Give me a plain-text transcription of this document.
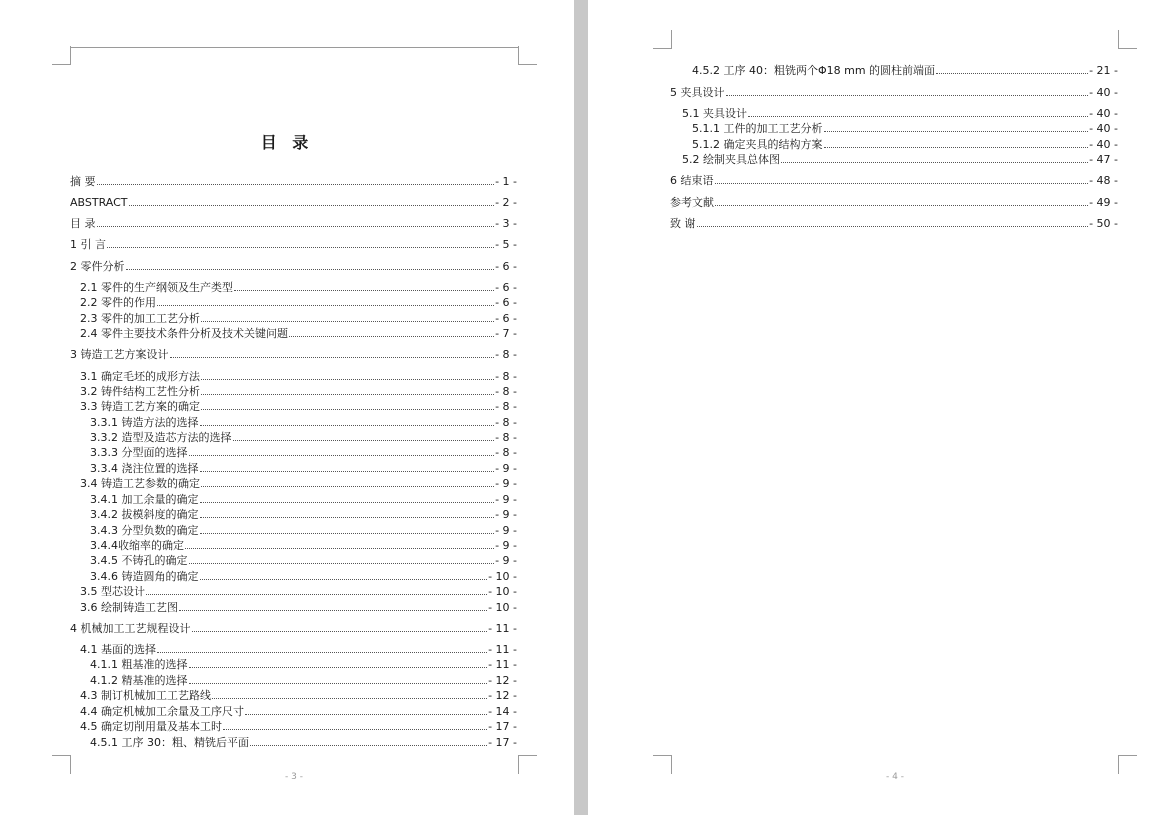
目 录
摘 要	- 1 -
ABSTRACT	- 2 -
目 录	- 3 -
1 引 言	- 5 -
2 零件分析	- 6 -
2.1 零件的生产纲领及生产类型	- 6 -
2.2 零件的作用	- 6 -
2.3 零件的加工工艺分析	- 6 -
2.4 零件主要技术条件分析及技术关键问题	- 7 -
3 铸造工艺方案设计	- 8 -
3.1 确定毛坯的成形方法	- 8 -
3.2 铸件结构工艺性分析	- 8 -
3.3 铸造工艺方案的确定	- 8 -
3.3.1 铸造方法的选择	- 8 -
3.3.2 造型及造芯方法的选择	- 8 -
3.3.3 分型面的选择	- 8 -
3.3.4 浇注位置的选择	- 9 -
3.4 铸造工艺参数的确定	- 9 -
3.4.1 加工余量的确定	- 9 -
3.4.2 拔模斜度的确定	- 9 -
3.4.3 分型负数的确定	- 9 -
3.4.4收缩率的确定	- 9 -
3.4.5 不铸孔的确定	- 9 -
3.4.6 铸造圆角的确定	- 10 -
3.5 型芯设计	- 10 -
3.6 绘制铸造工艺图	- 10 -
4 机械加工工艺规程设计	- 11 -
4.1 基面的选择	- 11 -
4.1.1 粗基准的选择	- 11 -
4.1.2 精基准的选择	- 12 -
4.3 制订机械加工工艺路线	- 12 -
4.4 确定机械加工余量及工序尺寸	- 14 -
4.5 确定切削用量及基本工时	- 17 -
4.5.1 工序 30：粗、精铣后平面	- 17 -
- 3 -
4.5.2 工序 40：粗铣两个Φ18 mm 的圆柱前端面	- 21 -
5 夹具设计	- 40 -
5.1 夹具设计	- 40 -
5.1.1 工件的加工工艺分析	- 40 -
5.1.2 确定夹具的结构方案	- 40 -
5.2 绘制夹具总体图	- 47 -
6 结束语	- 48 -
参考文献	- 49 -
致 谢	- 50 -
- 4 -
